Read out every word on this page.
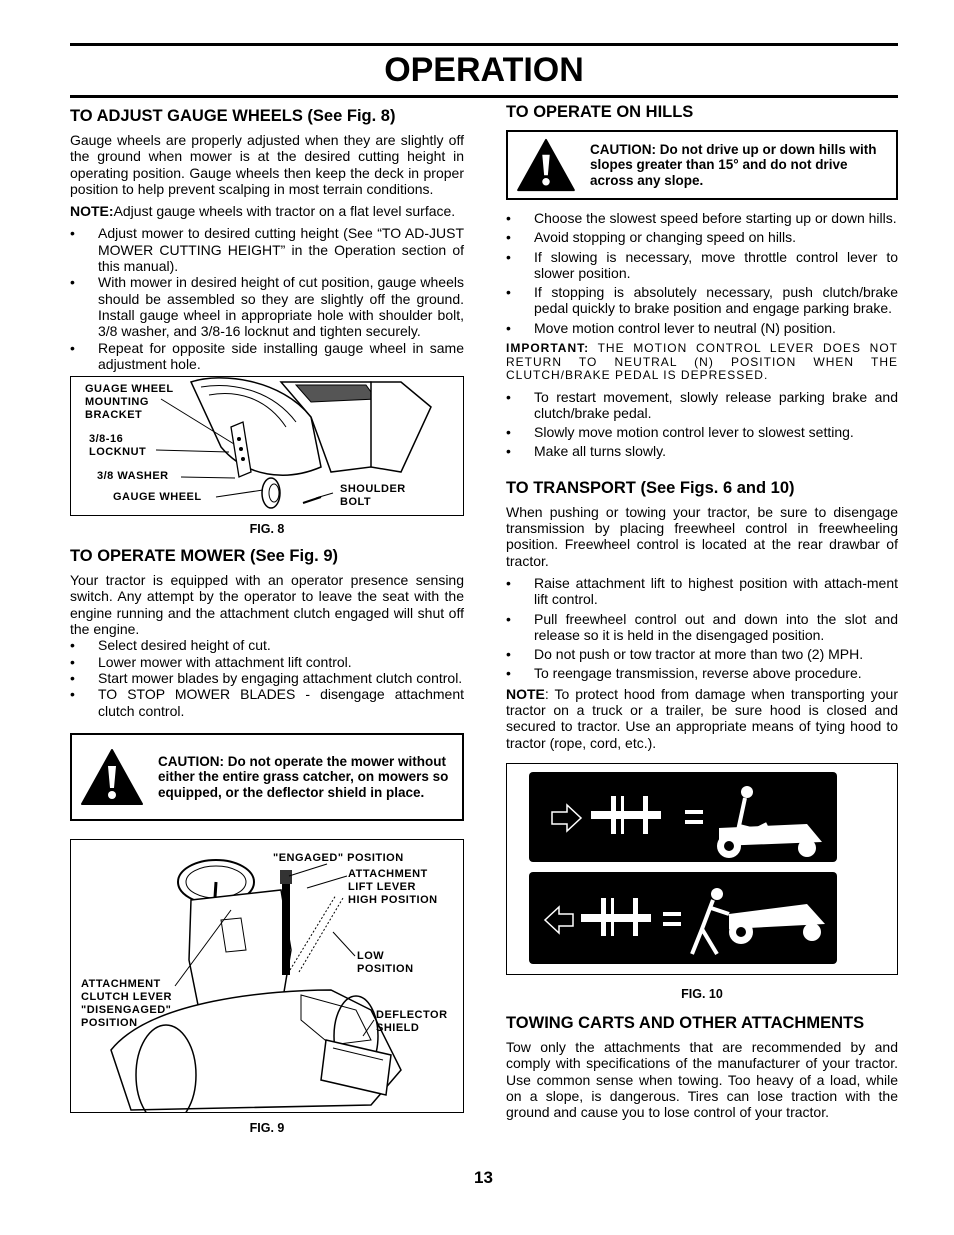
OPERATION
TO ADJUST GAUGE WHEELS (See Fig. 8)

Gauge wheels are properly adjusted when they are slightly off the ground when mower is at the desired cutting height in operating position. Gauge wheels then keep the deck in proper position to help prevent scalping in most terrain conditions.

NOTE:Adjust gauge wheels with tractor on a flat level surface.

• Adjust mower to desired cutting height (See “TO AD-JUST MOWER CUTTING HEIGHT” in the Operation section of this manual).
• With mower in desired height of cut position, gauge wheels should be assembled so they are slightly off the ground. Install gauge wheel in appropriate hole with shoulder bolt, 3/8 washer, and 3/8-16 locknut and tighten securely.
• Repeat for opposite side installing gauge wheel in same adjustment hole.
GUAGE WHEEL
MOUNTING
BRACKET
3/8-16
LOCKNUT
3/8 WASHER
GAUGE WHEEL
SHOULDER
BOLT
FIG. 8
TO OPERATE MOWER (See Fig. 9)

Your tractor is equipped with an operator presence sensing switch. Any attempt by the operator to leave the seat with the engine running and the attachment clutch engaged will shut off the engine.

• Select desired height of cut.
• Lower mower with attachment lift control.
• Start mower blades by engaging attachment clutch control.
• TO STOP MOWER BLADES - disengage attachment clutch control.
CAUTION: Do not operate the mower without either the entire grass catcher, on mowers so equipped, or the deflector shield in place.
"ENGAGED" POSITION
ATTACHMENT
LIFT LEVER
HIGH POSITION
LOW
POSITION
ATTACHMENT
CLUTCH LEVER
"DISENGAGED"
POSITION
DEFLECTOR
SHIELD
FIG. 9
TO OPERATE ON HILLS
CAUTION: Do not drive up or down hills with slopes greater than 15° and do not drive across any slope.
• Choose the slowest speed before starting up or down hills.
• Avoid stopping or changing speed on hills.
• If slowing is necessary, move throttle control lever to slower position.
• If stopping is absolutely necessary, push clutch/brake pedal quickly to brake position and engage parking brake.
• Move motion control lever to neutral (N) position.
IMPORTANT: THE MOTION CONTROL LEVER DOES NOT RETURN TO NEUTRAL (N) POSITION WHEN THE CLUTCH/BRAKE PEDAL IS DEPRESSED.
• To restart movement, slowly release parking brake and clutch/brake pedal.
• Slowly move motion control lever to slowest setting.
• Make all turns slowly.
TO TRANSPORT (See Figs. 6 and 10)

When pushing or towing your tractor, be sure to disengage transmission by placing freewheel control in freewheeling position. Freewheel control is located at the rear drawbar of tractor.

• Raise attachment lift to highest position with attach-ment lift control.
• Pull freewheel control out and down into the slot and release so it is held in the disengaged position.
• Do not push or tow tractor at more than two (2) MPH.
• To reengage transmission, reverse above procedure.

NOTE: To protect hood from damage when transporting your tractor on a truck or a trailer, be sure hood is closed and secured to tractor. Use an appropriate means of tying hood to tractor (rope, cord, etc.).

FIG. 10
TOWING CARTS AND OTHER ATTACHMENTS

Tow only the attachments that are recommended by and comply with specifications of the manufacturer of your tractor. Use common sense when towing. Too heavy of a load, while on a slope, is dangerous. Tires can lose traction with the ground and cause you to lose control of your tractor.

13
